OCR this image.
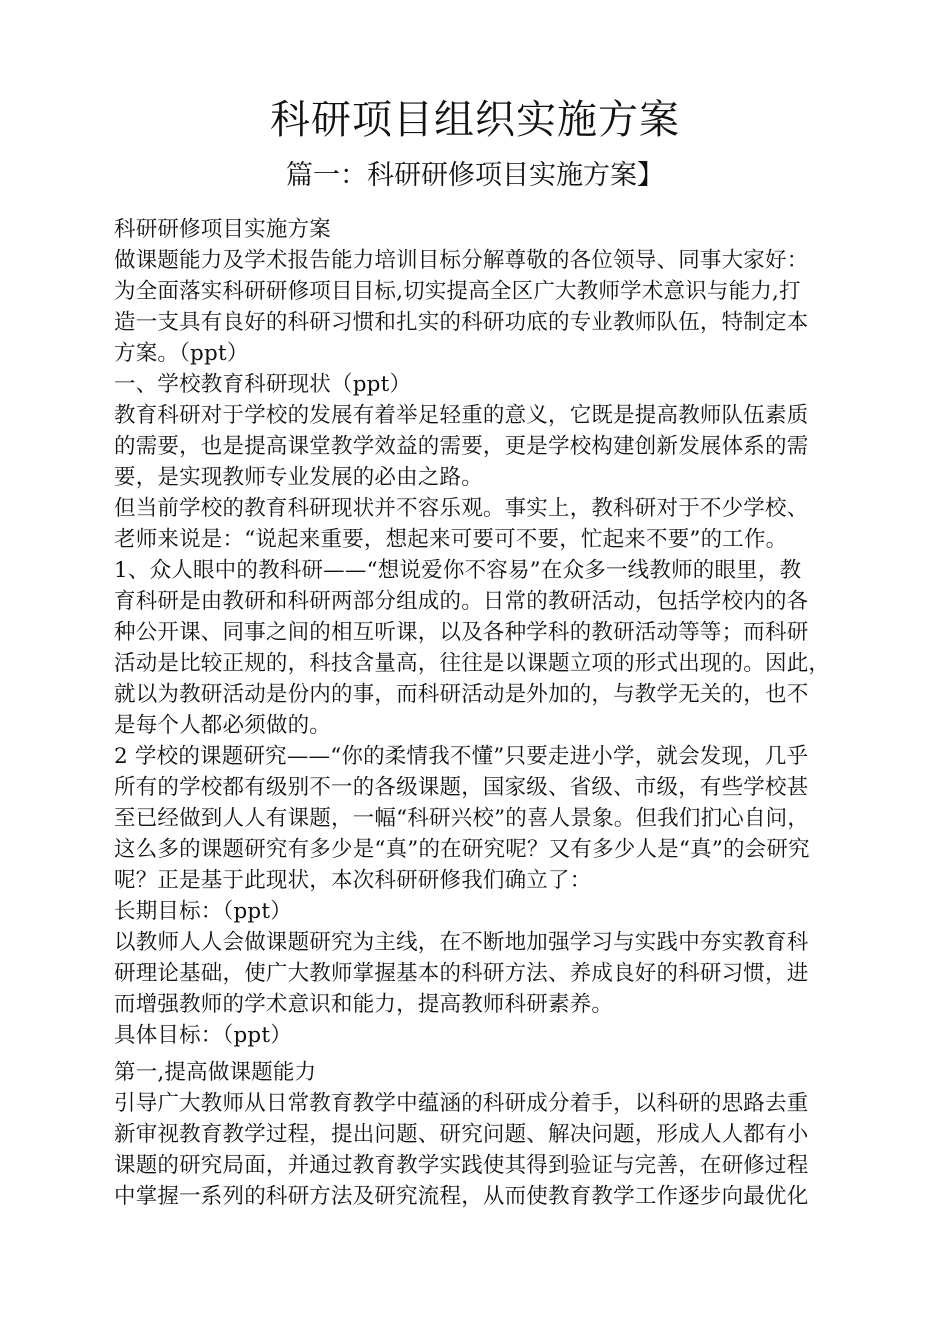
科研项目组织实施方案
篇一：科研研修项目实施方案】

科研研修项目实施方案

做课题能力及学术报告能力培训目标分解尊敬的各位领导、同事大家好：

为全面落实科研研修项目目标,切实提高全区广大教师学术意识与能力,打

造一支具有良好的科研习惯和扎实的科研功底的专业教师队伍，特制定本

方案。（ppt）

一、学校教育科研现状（ppt）

教育科研对于学校的发展有着举足轻重的意义，它既是提高教师队伍素质

的需要，也是提高课堂教学效益的需要，更是学校构建创新发展体系的需

要，是实现教师专业发展的必由之路。

但当前学校的教育科研现状并不容乐观。事实上，教科研对于不少学校、

老师来说是：“说起来重要，想起来可要可不要，忙起来不要”的工作。

1、众人眼中的教科研——“想说爱你不容易”在众多一线教师的眼里，教

育科研是由教研和科研两部分组成的。日常的教研活动，包括学校内的各

种公开课、同事之间的相互听课，以及各种学科的教研活动等等；而科研

活动是比较正规的，科技含量高，往往是以课题立项的形式出现的。因此，

就以为教研活动是份内的事，而科研活动是外加的，与教学无关的，也不

是每个人都必须做的。

2 学校的课题研究——“你的柔情我不懂”只要走进小学，就会发现，几乎

所有的学校都有级别不一的各级课题，国家级、省级、市级，有些学校甚

至已经做到人人有课题，一幅“科研兴校”的喜人景象。但我们扪心自问，

这么多的课题研究有多少是“真”的在研究呢？又有多少人是“真”的会研究

呢？正是基于此现状，本次科研研修我们确立了：

长期目标：（ppt）

以教师人人会做课题研究为主线，在不断地加强学习与实践中夯实教育科

研理论基础，使广大教师掌握基本的科研方法、养成良好的科研习惯，进

而增强教师的学术意识和能力，提高教师科研素养。

具体目标：（ppt）

第一,提高做课题能力

引导广大教师从日常教育教学中蕴涵的科研成分着手，以科研的思路去重

新审视教育教学过程，提出问题、研究问题、解决问题，形成人人都有小

课题的研究局面，并通过教育教学实践使其得到验证与完善，在研修过程

中掌握一系列的科研方法及研究流程，从而使教育教学工作逐步向最优化
